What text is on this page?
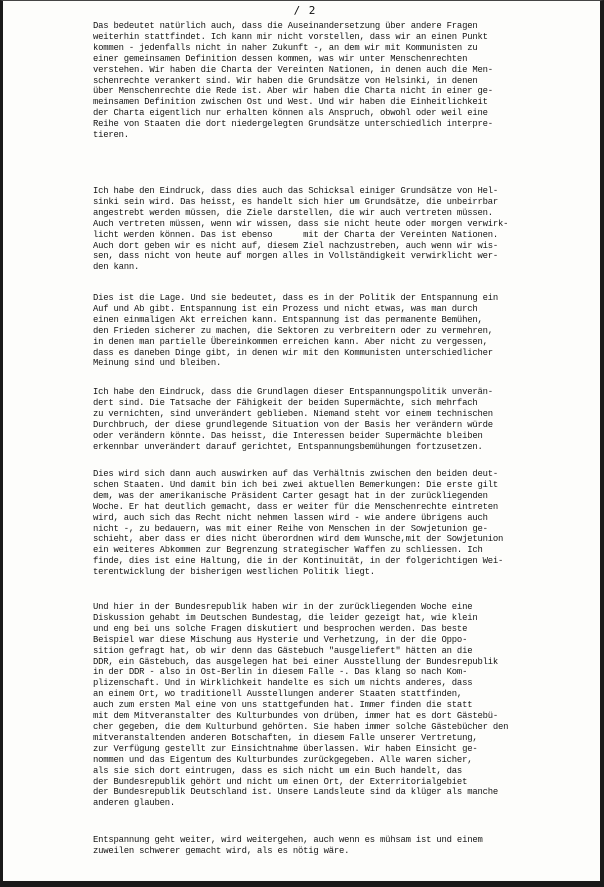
/ 2
Das bedeutet natürlich auch, dass die Auseinandersetzung über andere Fragen
weiterhin stattfindet. Ich kann mir nicht vorstellen, dass wir an einen Punkt
kommen - jedenfalls nicht in naher Zukunft -, an dem wir mit Kommunisten zu
einer gemeinsamen Definition dessen kommen, was wir unter Menschenrechten
verstehen. Wir haben die Charta der Vereinten Nationen, in denen auch die Men-
schenrechte verankert sind. Wir haben die Grundsätze von Helsinki, in denen
über Menschenrechte die Rede ist. Aber wir haben die Charta nicht in einer ge-
meinsamen Definition zwischen Ost und West. Und wir haben die Einheitlichkeit
der Charta eigentlich nur erhalten können als Anspruch, obwohl oder weil eine
Reihe von Staaten die dort niedergelegten Grundsätze unterschiedlich interpre-
tieren.
Ich habe den Eindruck, dass dies auch das Schicksal einiger Grundsätze von Hel-
sinki sein wird. Das heisst, es handelt sich hier um Grundsätze, die unbeirrbar
angestrebt werden müssen, die Ziele darstellen, die wir auch vertreten müssen.
Auch vertreten müssen, wenn wir wissen, dass sie nicht heute oder morgen verwirk-
licht werden können. Das ist ebenso      mit der Charta der Vereinten Nationen.
Auch dort geben wir es nicht auf, diesem Ziel nachzustreben, auch wenn wir wis-
sen, dass nicht von heute auf morgen alles in Vollständigkeit verwirklicht wer-
den kann.
Dies ist die Lage. Und sie bedeutet, dass es in der Politik der Entspannung ein
Auf und Ab gibt. Entspannung ist ein Prozess und nicht etwas, was man durch
einen einmaligen Akt erreichen kann. Entspannung ist das permanente Bemühen,
den Frieden sicherer zu machen, die Sektoren zu verbreitern oder zu vermehren,
in denen man partielle Übereinkommen erreichen kann. Aber nicht zu vergessen,
dass es daneben Dinge gibt, in denen wir mit den Kommunisten unterschiedlicher
Meinung sind und bleiben.
Ich habe den Eindruck, dass die Grundlagen dieser Entspannungspolitik unverän-
dert sind. Die Tatsache der Fähigkeit der beiden Supermächte, sich mehrfach
zu vernichten, sind unverändert geblieben. Niemand steht vor einem technischen
Durchbruch, der diese grundlegende Situation von der Basis her verändern würde
oder verändern könnte. Das heisst, die Interessen beider Supermächte bleiben
erkennbar unverändert darauf gerichtet, Entspannungsbemühungen fortzusetzen.
Dies wird sich dann auch auswirken auf das Verhältnis zwischen den beiden deut-
schen Staaten. Und damit bin ich bei zwei aktuellen Bemerkungen: Die erste gilt
dem, was der amerikanische Präsident Carter gesagt hat in der zurückliegenden
Woche. Er hat deutlich gemacht, dass er weiter für die Menschenrechte eintreten
wird, auch sich das Recht nicht nehmen lassen wird - wie andere übrigens auch
nicht -, zu bedauern, was mit einer Reihe von Menschen in der Sowjetunion ge-
schieht, aber dass er dies nicht überordnen wird dem Wunsche,mit der Sowjetunion
ein weiteres Abkommen zur Begrenzung strategischer Waffen zu schliessen. Ich
finde, dies ist eine Haltung, die in der Kontinuität, in der folgerichtigen Wei-
terentwicklung der bisherigen westlichen Politik liegt.
Und hier in der Bundesrepublik haben wir in der zurückliegenden Woche eine
Diskussion gehabt im Deutschen Bundestag, die leider gezeigt hat, wie klein
und eng bei uns solche Fragen diskutiert und besprochen werden. Das beste
Beispiel war diese Mischung aus Hysterie und Verhetzung, in der die Oppo-
sition gefragt hat, ob wir denn das Gästebuch "ausgeliefert" hätten an die
DDR, ein Gästebuch, das ausgelegen hat bei einer Ausstellung der Bundesrepublik
in der DDR - also in Ost-Berlin in diesem Falle -. Das klang so nach Kom-
plizenschaft. Und in Wirklichkeit handelte es sich um nichts anderes, dass
an einem Ort, wo traditionell Ausstellungen anderer Staaten stattfinden,
auch zum ersten Mal eine von uns stattgefunden hat. Immer finden die statt
mit dem Mitveranstalter des Kulturbundes von drüben, immer hat es dort Gästebü-
cher gegeben, die dem Kulturbund gehörten. Sie haben immer solche Gästebücher den
mitveranstaltenden anderen Botschaften, in diesem Falle unserer Vertretung,
zur Verfügung gestellt zur Einsichtnahme überlassen. Wir haben Einsicht ge-
nommen und das Eigentum des Kulturbundes zurückgegeben. Alle waren sicher,
als sie sich dort eintrugen, dass es sich nicht um ein Buch handelt, das
der Bundesrepublik gehört und nicht um einen Ort, der Exterritorialgebiet
der Bundesrepublik Deutschland ist. Unsere Landsleute sind da klüger als manche
anderen glauben.
Entspannung geht weiter, wird weitergehen, auch wenn es mühsam ist und einem
zuweilen schwerer gemacht wird, als es nötig wäre.
